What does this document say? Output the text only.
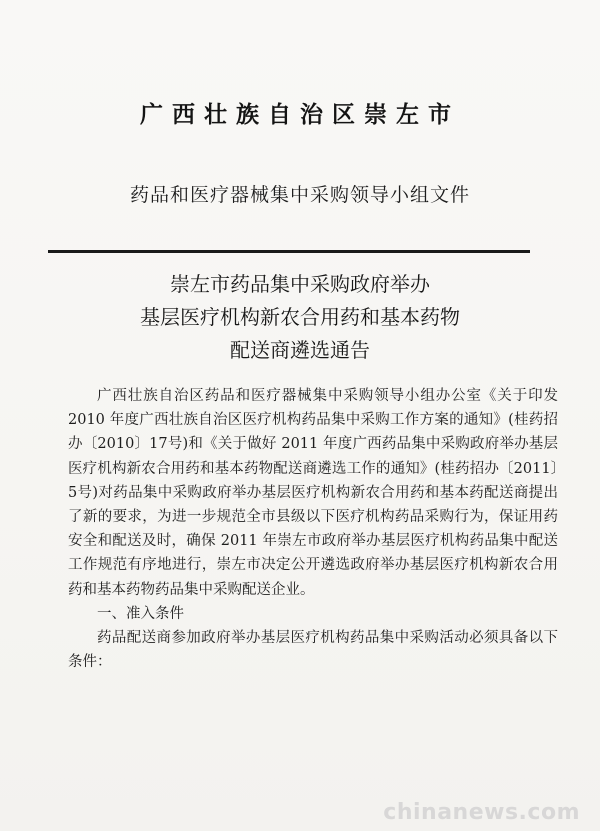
广西壮族自治区崇左市
药品和医疗器械集中采购领导小组文件
崇左市药品集中采购政府举办
基层医疗机构新农合用药和基本药物
配送商遴选通告

广西壮族自治区药品和医疗器械集中采购领导小组办公室《关于印发 2010 年度广西壮族自治区医疗机构药品集中采购工作方案的通知》(桂药招办〔2010〕17号)和《关于做好 2011 年度广西药品集中采购政府举办基层医疗机构新农合用药和基本药物配送商遴选工作的通知》(桂药招办〔2011〕5号)对药品集中采购政府举办基层医疗机构新农合用药和基本药配送商提出了新的要求，为进一步规范全市县级以下医疗机构药品采购行为，保证用药安全和配送及时，确保 2011 年崇左市政府举办基层医疗机构药品集中配送工作规范有序地进行，崇左市决定公开遴选政府举办基层医疗机构新农合用药和基本药物药品集中采购配送企业。

一、准入条件

药品配送商参加政府举办基层医疗机构药品集中采购活动必须具备以下条件：

chinanews.com
